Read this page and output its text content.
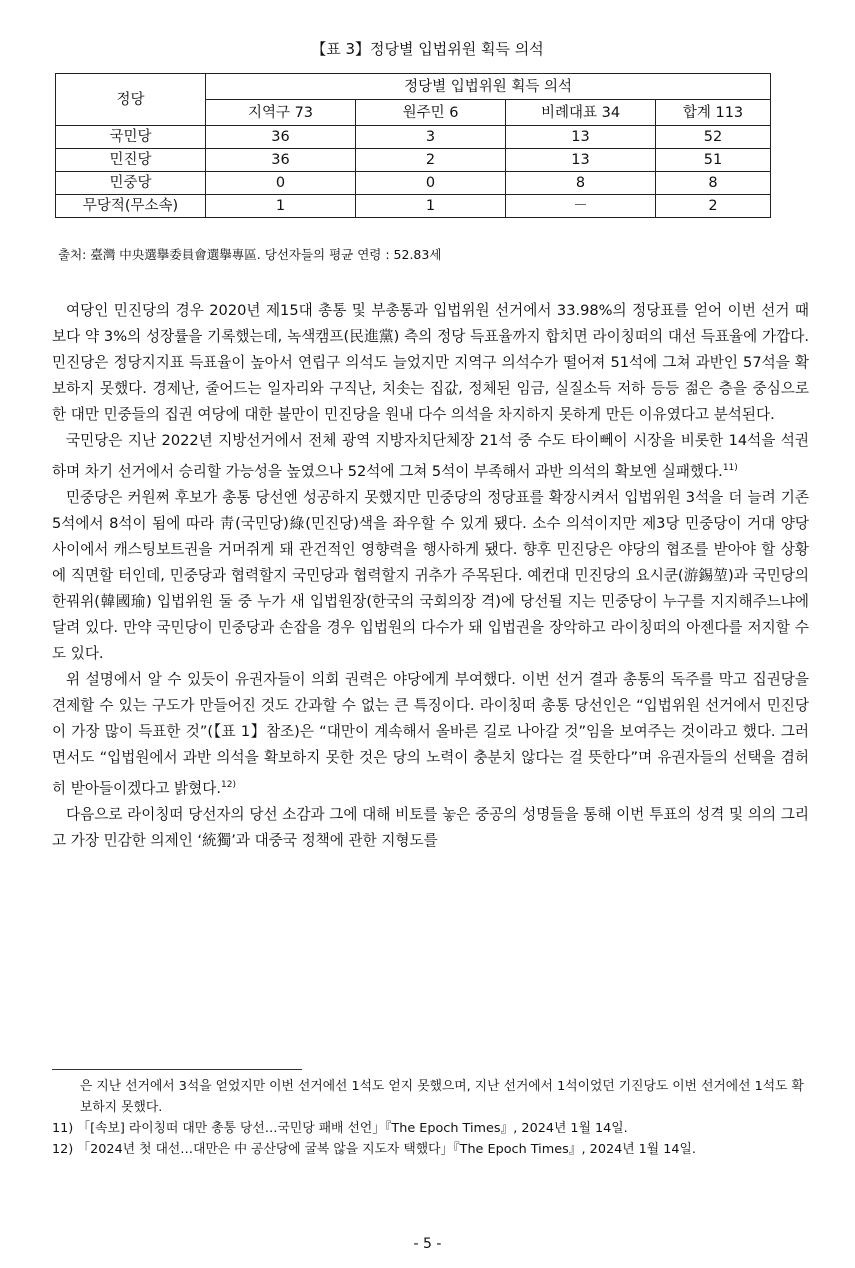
【표 3】정당별 입법위원 획득 의석
정당	정당별 입법위원 획득 의석			
	지역구 73	원주민 6	비례대표 34	합계 113
국민당	36	3	13	52
민진당	36	2	13	51
민중당	0	0	8	8
무당적(무소속)	1	1	－	2
출처: 臺灣 中央選擧委員會選擧專區. 당선자들의 평균 연령 : 52.83세

여당인 민진당의 경우 2020년 제15대 총통 및 부총통과 입법위원 선거에서 33.98%의 정당표를 얻어 이번 선거 때보다 약 3%의 성장률을 기록했는데, 녹색캠프(民進黨) 측의 정당 득표율까지 합치면 라이칭떠의 대선 득표율에 가깝다. 민진당은 정당지지표 득표율이 높아서 연립구 의석도 늘었지만 지역구 의석수가 떨어져 51석에 그쳐 과반인 57석을 확보하지 못했다. 경제난, 줄어드는 일자리와 구직난, 치솟는 집값, 정체된 임금, 실질소득 저하 등등 젊은 층을 중심으로 한 대만 민중들의 집권 여당에 대한 불만이 민진당을 원내 다수 의석을 차지하지 못하게 만든 이유였다고 분석된다.

국민당은 지난 2022년 지방선거에서 전체 광역 지방자치단체장 21석 중 수도 타이뻬이 시장을 비롯한 14석을 석권하며 차기 선거에서 승리할 가능성을 높였으나 52석에 그쳐 5석이 부족해서 과반 의석의 확보엔 실패했다.$^{11)}$

민중당은 커원쩌 후보가 총통 당선엔 성공하지 못했지만 민중당의 정당표를 확장시켜서 입법위원 3석을 더 늘려 기존 5석에서 8석이 됨에 따라 靑(국민당)綠(민진당)색을 좌우할 수 있게 됐다. 소수 의석이지만 제3당 민중당이 거대 양당 사이에서 캐스팅보트권을 거머쥐게 돼 관건적인 영향력을 행사하게 됐다. 향후 민진당은 야당의 협조를 받아야 할 상황에 직면할 터인데, 민중당과 협력할지 국민당과 협력할지 귀추가 주목된다. 예컨대 민진당의 요시쿤(游錫堃)과 국민당의 한꿔위(韓國瑜) 입법위원 둘 중 누가 새 입법원장(한국의 국회의장 격)에 당선될 지는 민중당이 누구를 지지해주느냐에 달려 있다. 만약 국민당이 민중당과 손잡을 경우 입법원의 다수가 돼 입법권을 장악하고 라이칭떠의 아젠다를 저지할 수도 있다.

위 설명에서 알 수 있듯이 유권자들이 의회 권력은 야당에게 부여했다. 이번 선거 결과 총통의 독주를 막고 집권당을 견제할 수 있는 구도가 만들어진 것도 간과할 수 없는 큰 특징이다. 라이칭떠 총통 당선인은 “입법위원 선거에서 민진당이 가장 많이 득표한 것”(【표 1】참조)은 “대만이 계속해서 올바른 길로 나아갈 것”임을 보여주는 것이라고 했다. 그러면서도 “입법원에서 과반 의석을 확보하지 못한 것은 당의 노력이 충분치 않다는 걸 뜻한다”며 유권자들의 선택을 겸허히 받아들이겠다고 밝혔다.$^{12)}$

다음으로 라이칭떠 당선자의 당선 소감과 그에 대해 비토를 놓은 중공의 성명들을 통해 이번 투표의 성격 및 의의 그리고 가장 민감한 의제인 ‘統獨’과 대중국 정책에 관한 지형도를

은 지난 선거에서 3석을 얻었지만 이번 선거에선 1석도 얻지 못했으며, 지난 선거에서 1석이었던 기진당도 이번 선거에선 1석도 확보하지 못했다.
11) 「[속보] 라이칭떠 대만 총통 당선…국민당 패배 선언」『The Epoch Times』, 2024년 1월 14일.
12) 「2024년 첫 대선…대만은 中 공산당에 굴복 않을 지도자 택했다」『The Epoch Times』, 2024년 1월 14일.
- 5 -
